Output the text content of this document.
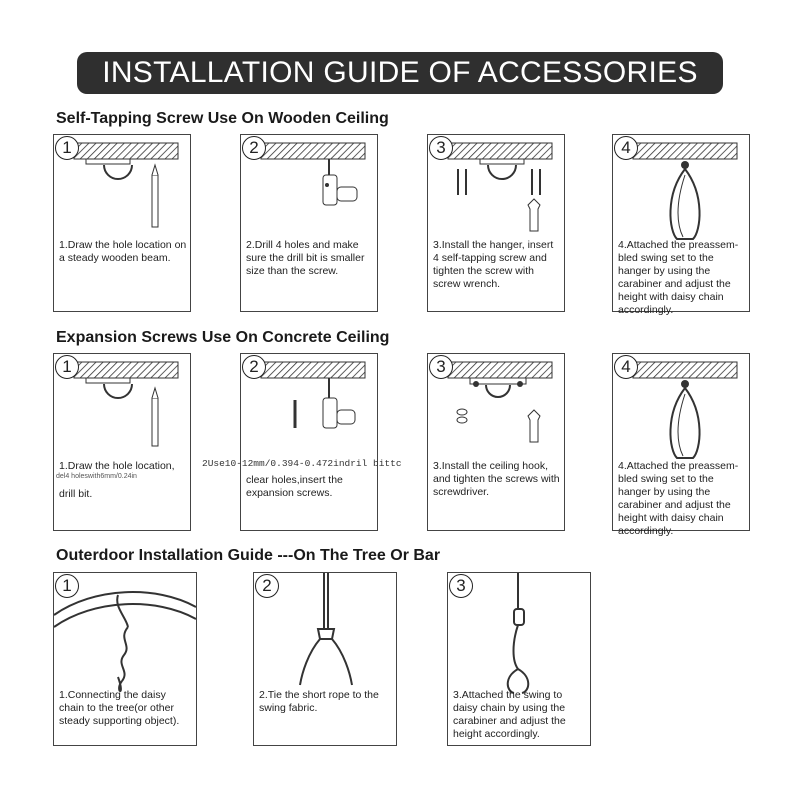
INSTALLATION GUIDE OF ACCESSORIES
Self-Tapping Screw Use On Wooden Ceiling
1
1.Draw the hole location on a steady wooden beam.
2
2.Drill 4 holes and make sure the drill bit is smaller size than the screw.
3
3.Install the hanger, insert 4 self-tapping screw and tighten the screw with screw wrench.
4
4.Attached the preassem- bled swing set to the hanger by using the carabiner and adjust the height with daisy chain accordingly.
Expansion Screws Use On Concrete Ceiling
1
1.Draw the hole location,
drill bit.
2
clear holes,insert the expansion screws.
3
3.Install the ceiling hook, and tighten the screws with screwdriver.
4
4.Attached the preassem- bled swing set to the hanger by using the carabiner and adjust the height with daisy chain accordingly.
2Use10-12mm/0.394-0.472indril bittc
del4 holeswith6mm/0.24in
Outerdoor Installation Guide ---On The Tree Or Bar
1
1.Connecting the daisy chain to the tree(or other steady supporting object).
2
2.Tie the short rope to the swing fabric.
3
3.Attached the swing to daisy chain by using the carabiner and adjust the height accordingly.
